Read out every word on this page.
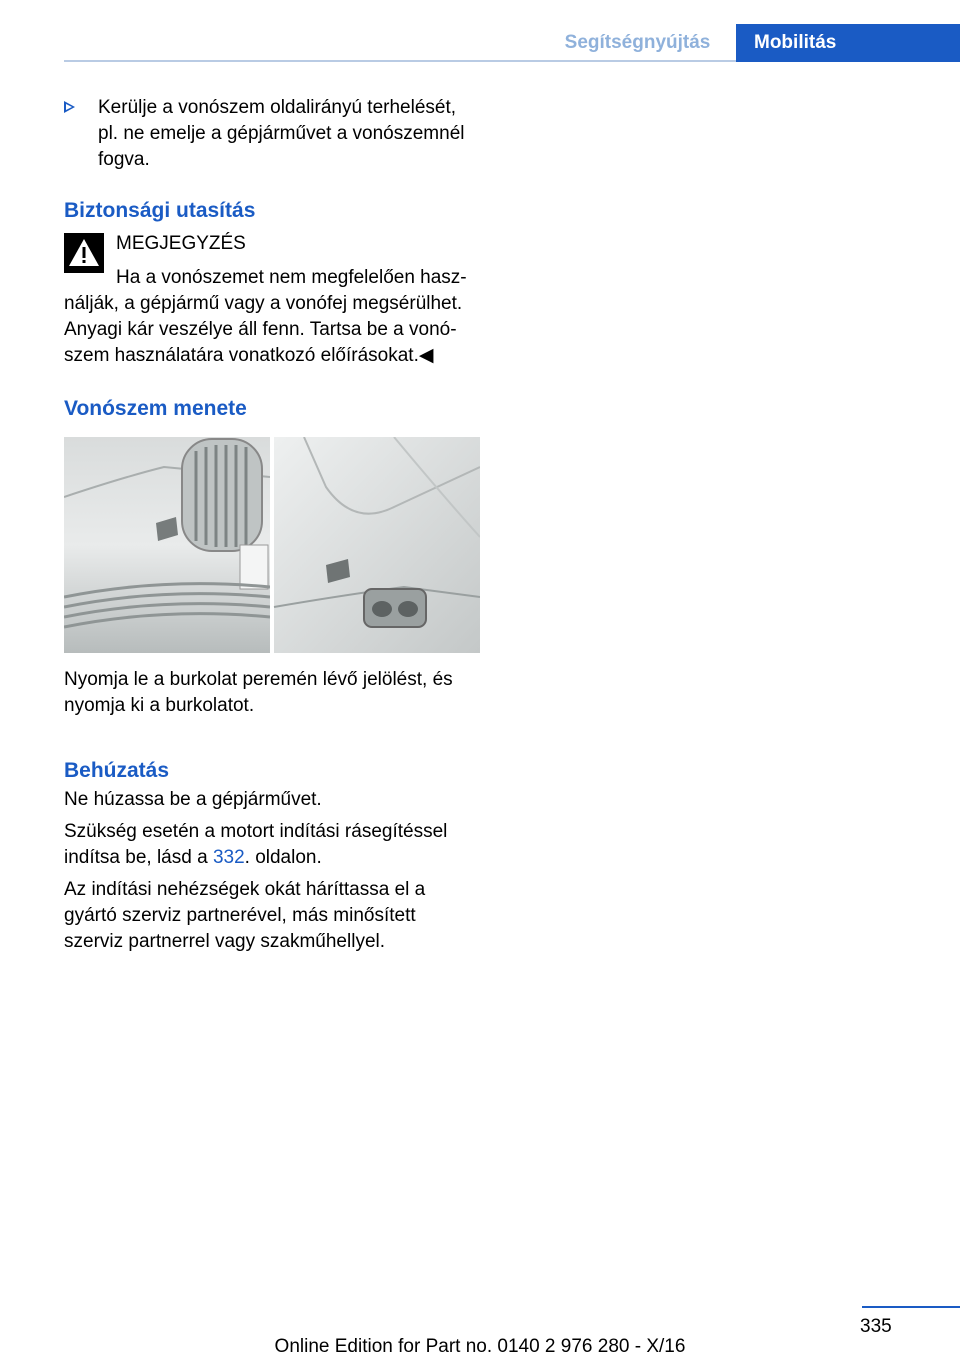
Segítségnyújtás	Mobilitás

Kerülje a vonószem oldalirányú terhelését,

pl. ne emelje a gépjárművet a vonószemnél

fogva.

Biztonsági utasítás

MEGJEGYZÉS

Ha a vonószemet nem megfelelően hasz-

nálják, a gépjármű vagy a vonófej megsérülhet.

Anyagi kár veszélye áll fenn. Tartsa be a vonó-

szem használatára vonatkozó előírásokat.◀

Vonószem menete

Nyomja le a burkolat peremén lévő jelölést, és

nyomja ki a burkolatot.

Behúzatás

Ne húzassa be a gépjárművet.

Szükség esetén a motort indítási rásegítéssel

indítsa be, lásd a 332. oldalon.

Az indítási nehézségek okát háríttassa el a

gyártó szerviz partnerével, más minősített

szerviz partnerrel vagy szakműhellyel.

335
Online Edition for Part no. 0140 2 976 280 - X/16
